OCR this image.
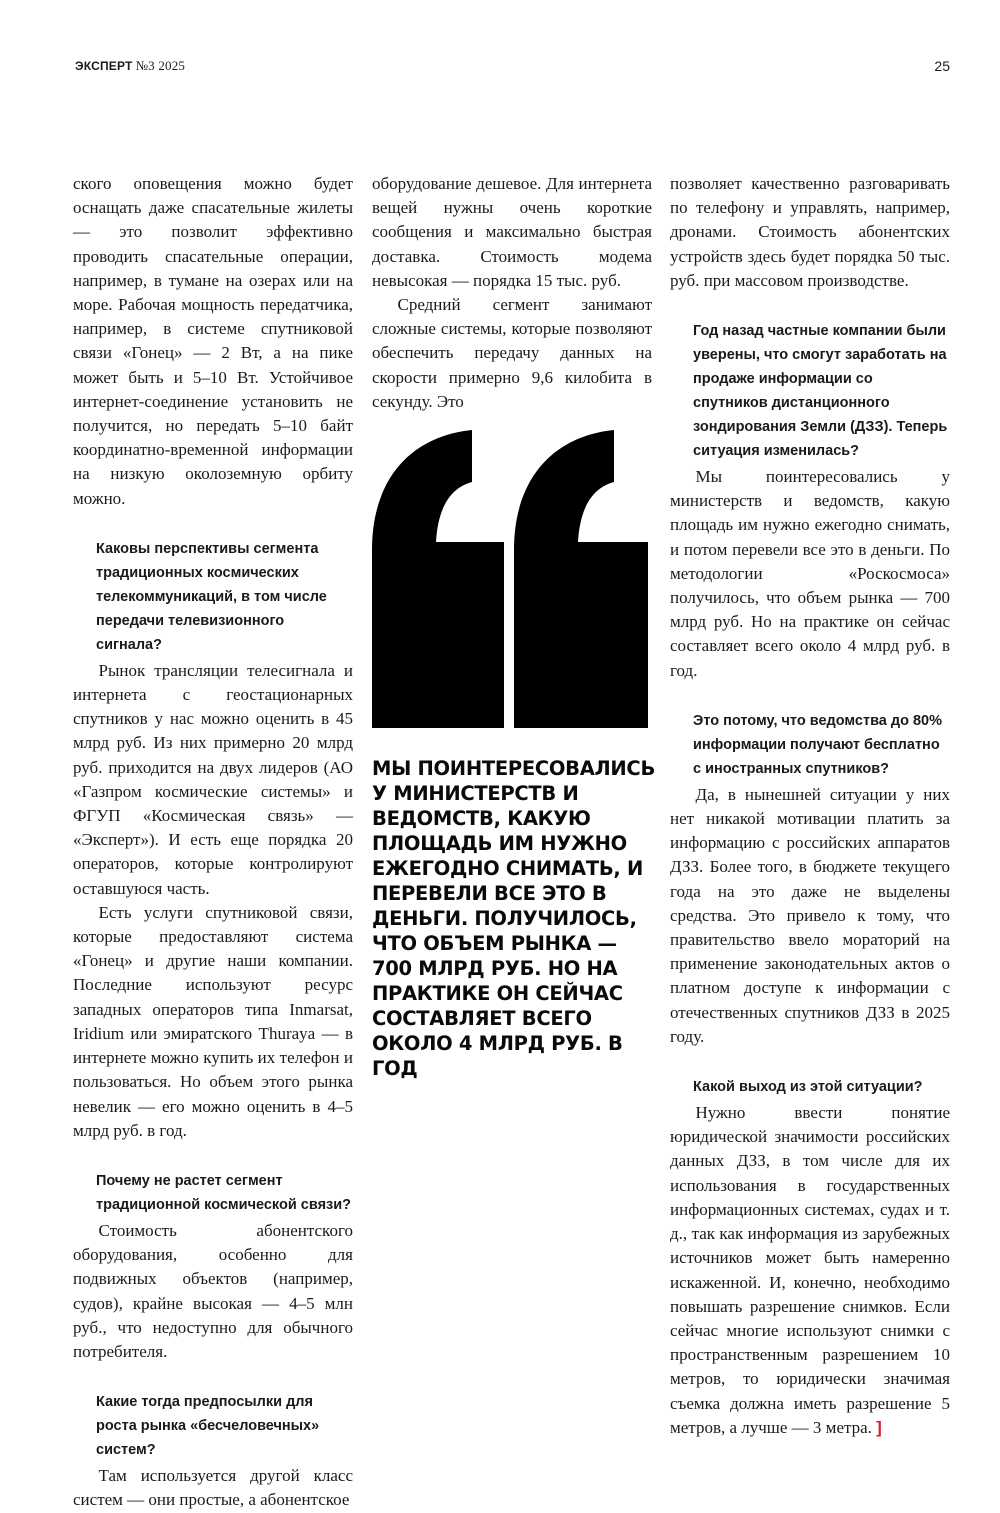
ЭКСПЕРТ №3 2025	25

ского оповещения можно будет оснащать даже спасательные жилеты — это позволит эффективно проводить спасательные операции, например, в тумане на озерах или на море. Рабочая мощность передатчика, например, в системе спутниковой связи «Гонец» — 2 Вт, а на пике может быть и 5–10 Вт. Устойчивое интернет-соединение установить не получится, но передать 5–10 байт координатно-временной информации на низкую околоземную орбиту можно.

Каковы перспективы сегмента традиционных космических телекоммуникаций, в том числе передачи телевизионного сигнала?

Рынок трансляции телесигнала и интернета с геостационарных спутников у нас можно оценить в 45 млрд руб. Из них примерно 20 млрд руб. приходится на двух лидеров (АО «Газпром космические системы» и ФГУП «Космическая связь» — «Эксперт»). И есть еще порядка 20 операторов, которые контролируют оставшуюся часть.

Есть услуги спутниковой связи, которые предоставляют система «Гонец» и другие наши компании. Последние используют ресурс западных операторов типа Inmarsat, Iridium или эмиратского Thuraya — в интернете можно купить их телефон и пользоваться. Но объем этого рынка невелик — его можно оценить в 4–5 млрд руб. в год.

Почему не растет сегмент традиционной космической связи?

Стоимость абонентского оборудования, особенно для подвижных объектов (например, судов), крайне высокая — 4–5 млн руб., что недоступно для обычного потребителя.

Какие тогда предпосылки для роста рынка «бесчеловечных» систем?

Там используется другой класс систем — они простые, а абонентское

оборудование дешевое. Для интернета вещей нужны очень короткие сообщения и максимально быстрая доставка. Стоимость модема невысокая — порядка 15 тыс. руб.

Средний сегмент занимают сложные системы, которые позволяют обеспечить передачу данных на скорости примерно 9,6 килобита в секунду. Это

МЫ ПОИНТЕРЕСОВАЛИСЬ У МИНИСТЕРСТВ И ВЕДОМСТВ, КАКУЮ ПЛОЩАДЬ ИМ НУЖНО ЕЖЕГОДНО СНИМАТЬ, И ПЕРЕВЕЛИ ВСЕ ЭТО В ДЕНЬГИ. ПОЛУЧИЛОСЬ, ЧТО ОБЪЕМ РЫНКА — 700 МЛРД РУБ. НО НА ПРАКТИКЕ ОН СЕЙЧАС СОСТАВЛЯЕТ ВСЕГО ОКОЛО 4 МЛРД РУБ. В ГОД

позволяет качественно разговаривать по телефону и управлять, например, дронами. Стоимость абонентских устройств здесь будет порядка 50 тыс. руб. при массовом производстве.

Год назад частные компании были уверены, что смогут заработать на продаже информации со спутников дистанционного зондирования Земли (ДЗЗ). Теперь ситуация изменилась?

Мы поинтересовались у министерств и ведомств, какую площадь им нужно ежегодно снимать, и потом перевели все это в деньги. По методологии «Роскосмоса» получилось, что объем рынка — 700 млрд руб. Но на практике он сейчас составляет всего около 4 млрд руб. в год.

Это потому, что ведомства до 80% информации получают бесплатно с иностранных спутников?

Да, в нынешней ситуации у них нет никакой мотивации платить за информацию с российских аппаратов ДЗЗ. Более того, в бюджете текущего года на это даже не выделены средства. Это привело к тому, что правительство ввело мораторий на применение законодательных актов о платном доступе к информации с отечественных спутников ДЗЗ в 2025 году.

Какой выход из этой ситуации?

Нужно ввести понятие юридической значимости российских данных ДЗЗ, в том числе для их использования в государственных информационных системах, судах и т. д., так как информация из зарубежных источников может быть намеренно искаженной. И, конечно, необходимо повышать разрешение снимков. Если сейчас многие используют снимки с пространственным разрешением 10 метров, то юридически значимая съемка должна иметь разрешение 5 метров, а лучше — 3 метра. ]
